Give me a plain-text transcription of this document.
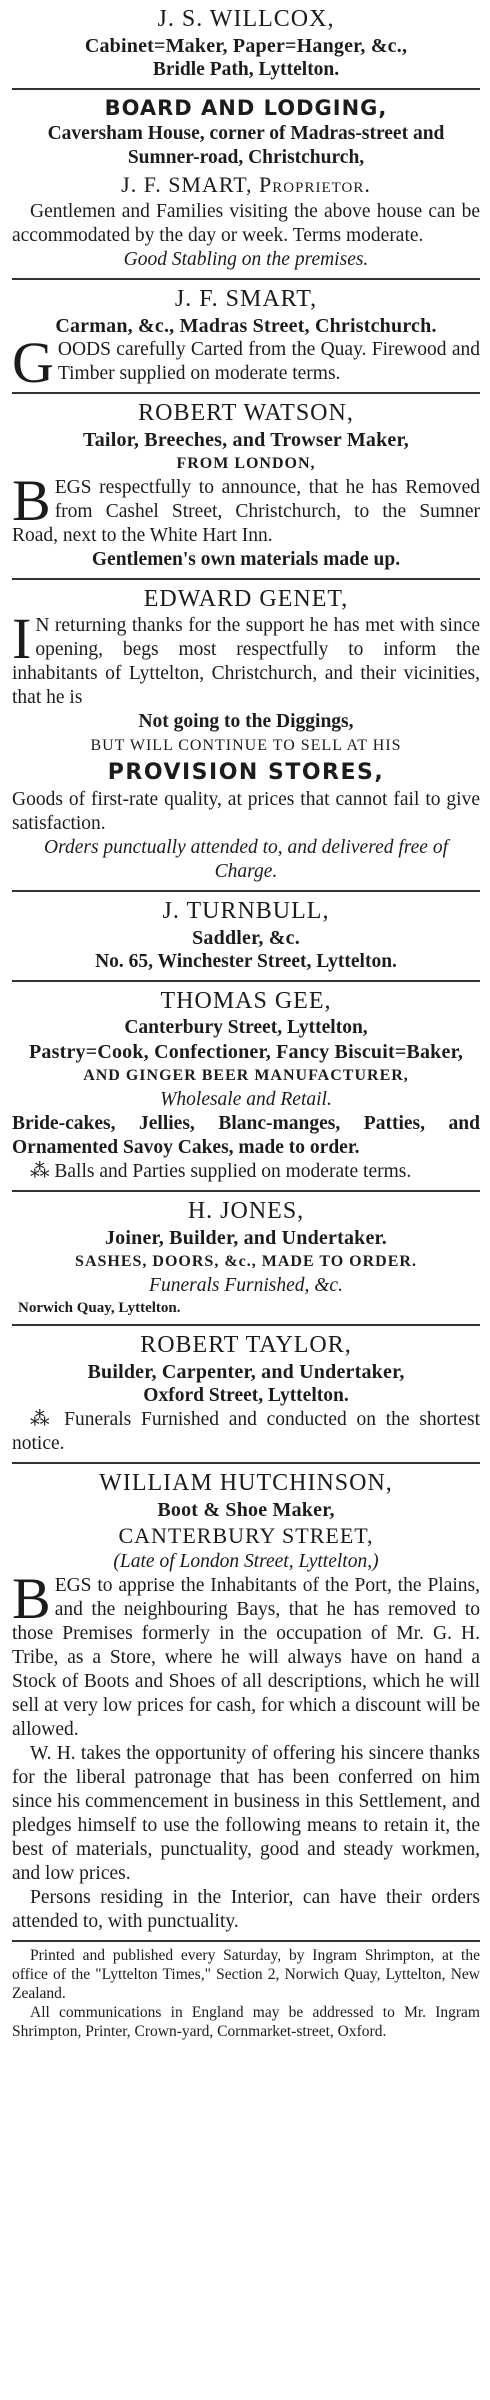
J. S. WILLCOX,
Cabinet=Maker, Paper=Hanger, &c.,
Bridle Path, Lyttelton.
BOARD AND LODGING,
Caversham House, corner of Madras-street and
Sumner-road, Christchurch,
J. F. SMART, Proprietor.
Gentlemen and Families visiting the above house can be accommodated by the day or week. Terms moderate.
Good Stabling on the premises.
J. F. SMART,
Carman, &c., Madras Street, Christchurch.
GOODS carefully Carted from the Quay. Firewood and Timber supplied on moderate terms.
ROBERT WATSON,
Tailor, Breeches, and Trowser Maker,
FROM LONDON,
BEGS respectfully to announce, that he has Removed from Cashel Street, Christchurch, to the Sumner Road, next to the White Hart Inn.
Gentlemen's own materials made up.
EDWARD GENET,
I N returning thanks for the support he has met with since opening, begs most respectfully to inform the inhabitants of Lyttelton, Christchurch, and their vicinities, that he is
Not going to the Diggings,
BUT WILL CONTINUE TO SELL AT HIS
PROVISION STORES,
Goods of first-rate quality, at prices that cannot fail to give satisfaction.
Orders punctually attended to, and delivered free of Charge.
J. TURNBULL,
Saddler, &c.
No. 65, Winchester Street, Lyttelton.
THOMAS GEE,
Canterbury Street, Lyttelton,
Pastry=Cook, Confectioner, Fancy Biscuit=Baker,
AND GINGER BEER MANUFACTURER,
Wholesale and Retail.
Bride-cakes, Jellies, Blanc-manges, Patties, and Ornamented Savoy Cakes, made to order.
⁂ Balls and Parties supplied on moderate terms.
H. JONES,
Joiner, Builder, and Undertaker.
SASHES, DOORS, &c., MADE TO ORDER.
Funerals Furnished, &c.
Norwich Quay, Lyttelton.
ROBERT TAYLOR,
Builder, Carpenter, and Undertaker,
Oxford Street, Lyttelton.
⁂ Funerals Furnished and conducted on the shortest notice.
WILLIAM HUTCHINSON,
Boot & Shoe Maker,
CANTERBURY STREET,
(Late of London Street, Lyttelton,)
BEGS to apprise the Inhabitants of the Port, the Plains, and the neighbouring Bays, that he has removed to those Premises formerly in the occupation of Mr. G. H. Tribe, as a Store, where he will always have on hand a Stock of Boots and Shoes of all descriptions, which he will sell at very low prices for cash, for which a discount will be allowed.
W. H. takes the opportunity of offering his sincere thanks for the liberal patronage that has been conferred on him since his commencement in business in this Settlement, and pledges himself to use the following means to retain it, the best of materials, punctuality, good and steady workmen, and low prices.
Persons residing in the Interior, can have their orders attended to, with punctuality.
Printed and published every Saturday, by Ingram Shrimpton, at the office of the "Lyttelton Times," Section 2, Norwich Quay, Lyttelton, New Zealand.
All communications in England may be addressed to Mr. Ingram Shrimpton, Printer, Crown-yard, Cornmarket-street, Oxford.
